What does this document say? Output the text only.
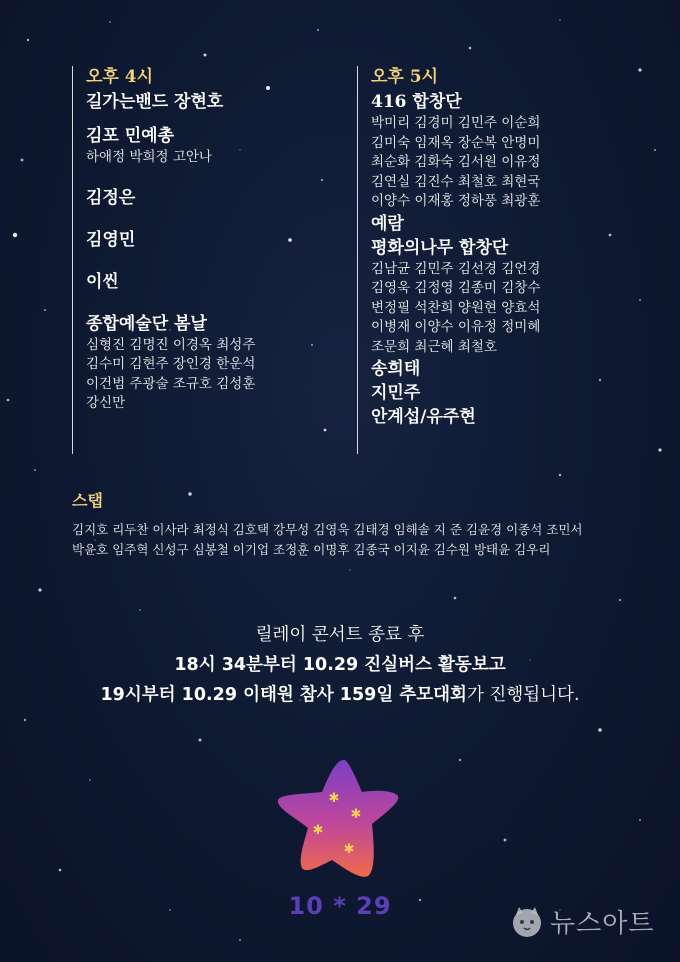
오후 4시
길가는밴드 장현호
김포 민예총
하애정 박희정 고안나
김정은
김영민
이씬
종합예술단 봄날
심형진 김명진 이경옥 최성주
김수미 김현주 장인경 한운석
이건범 주광술 조규호 김성훈
강신만
오후 5시
416 합창단
박미리 김경미 김민주 이순희
김미숙 임재옥 장순복 안명미
최순화 김화숙 김서원 이유정
김연실 김진수 최철호 최현국
이양수 이재홍 정하풍 최광훈
예람
평화의나무 합창단
김남균 김민주 김선경 김언경
김영욱 김정영 김종미 김창수
변정필 석찬희 양원현 양효석
이병재 이양수 이유정 정미혜
조문희 최근혜 최철호
송희태
지민주
안계섭/유주현
스탭
김지호 리두찬 이사라 최정식 김호택 강무성 김영욱 김태경 임해솔 지 준 김윤경 이종석 조민서
박윤호 임주혁 신성구 심봉철 이기업 조정훈 이명후 김종국 이지윤 김수원 방태윤 김우리
릴레이 콘서트 종료 후
18시 34분부터 10.29 진실버스 활동보고
19시부터 10.29 이태원 참사 159일 추모대회가 진행됩니다.
✱
✱
✱
✱
10 * 29
뉴스아트
